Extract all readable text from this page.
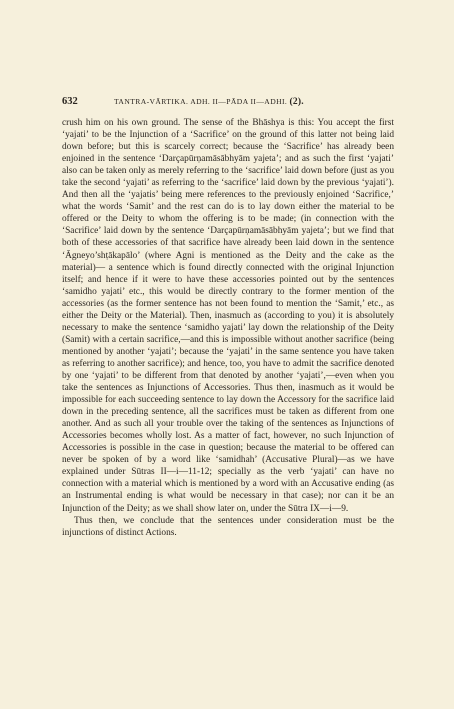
632	TANTRA-VĀRTIKA. ADH. II—PĀDA II—ADHI. (2).

crush him on his own ground. The sense of the Bhāshya is this: You accept the first ‘yajati’ to be the Injunction of a ‘Sacrifice’ on the ground of this latter not being laid down before; but this is scarcely correct; because the ‘Sacrifice’ has already been enjoined in the sentence ‘Darçapūrṇamāsābhyām yajeta’; and as such the first ‘yajati’ also can be taken only as merely referring to the ‘sacrifice’ laid down before (just as you take the second ‘yajati’ as referring to the ‘sacrifice’ laid down by the previous ‘yajati’). And then all the ‘yajatis’ being mere references to the previously enjoined ‘Sacrifice,’ what the words ‘Samit’ and the rest can do is to lay down either the material to be offered or the Deity to whom the offering is to be made; (in connection with the ‘Sacrifice’ laid down by the sentence ‘Darçapūrṇamāsābhyām yajeta’; but we find that both of these accessories of that sacrifice have already been laid down in the sentence ‘Āgneyo’shṭākapālo’ (where Agni is mentioned as the Deity and the cake as the material)— a sentence which is found directly connected with the original Injunction itself; and hence if it were to have these accessories pointed out by the sentences ‘samidho yajati’ etc., this would be directly contrary to the former mention of the accessories (as the former sentence has not been found to mention the ‘Samit,’ etc., as either the Deity or the Material). Then, inasmuch as (according to you) it is absolutely necessary to make the sentence ‘samidho yajati’ lay down the relationship of the Deity (Samit) with a certain sacrifice,—and this is impossible without another sacrifice (being mentioned by another ‘yajati’; because the ‘yajati’ in the same sentence you have taken as referring to another sacrifice); and hence, too, you have to admit the sacrifice denoted by one ‘yajati’ to be different from that denoted by another ‘yajati’,—even when you take the sentences as Injunctions of Accessories. Thus then, inasmuch as it would be impossible for each succeeding sentence to lay down the Accessory for the sacrifice laid down in the preceding sentence, all the sacrifices must be taken as different from one another. And as such all your trouble over the taking of the sentences as Injunctions of Accessories becomes wholly lost. As a matter of fact, however, no such Injunction of Accessories is possible in the case in question; because the material to be offered can never be spoken of by a word like ‘samidhah’ (Accusative Plural)—as we have explained under Sūtras II—i—11-12; specially as the verb ‘yajati’ can have no connection with a material which is mentioned by a word with an Accusative ending (as an Instrumental ending is what would be necessary in that case); nor can it be an Injunction of the Deity; as we shall show later on, under the Sūtra IX—i—9.

Thus then, we conclude that the sentences under consideration must be the injunctions of distinct Actions.
